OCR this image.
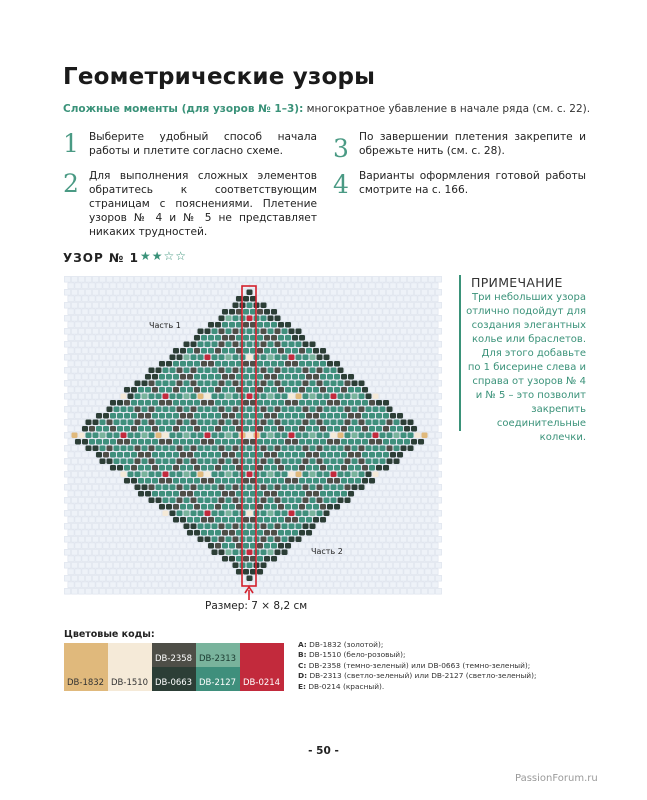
Геометрические узоры
Сложные моменты (для узоров № 1–3): многократное убавление в начале ряда (см. с. 22).
1 Выберите удобный способ начала работы и плетите согласно схеме.
2 Для выполнения сложных элементов обратитесь к соответствующим страницам с пояснениями. Плетение узоров № 4 и № 5 не представляет никаких трудностей.
3 По завершении плетения закрепите и обрежьте нить (см. с. 28).
4 Варианты оформления готовой работы смотрите на с. 166.
УЗОР № 1 ★★☆☆
Часть 1
Часть 2
Размер: 7 × 8,2 см
ПРИМЕЧАНИЕ
Три небольших узора отлично подойдут для создания элегантных колье или браслетов. Для этого добавьте по 1 бисерине слева и справа от узоров № 4 и № 5 – это позволит закрепить соединительные колечки.
Цветовые коды:
DB-1832 DB-1510
DB-2358
DB-0663
DB-2313
DB-2127 DB-0214
A: DB-1832 (золотой);
B: DB-1510 (бело-розовый);
C: DB-2358 (темно-зеленый) или DB-0663 (темно-зеленый);
D: DB-2313 (светло-зеленый) или DB-2127 (светло-зеленый);
E: DB-0214 (красный).
- 50 -
PassionForum.ru
